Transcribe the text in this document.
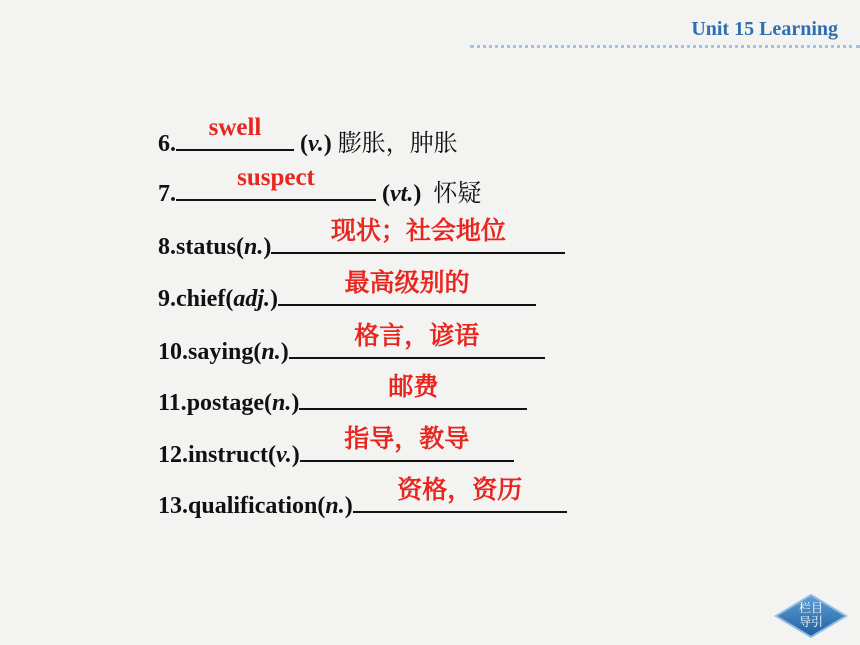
Unit 15 Learning
6.
swell
(v.) 膨胀，肿胀
7.
suspect
(vt.)  怀疑
8.status(n.)
现状；社会地位
9.chief(adj.)
最高级别的
10.saying(n.)
格言，谚语
11.postage(n.)
邮费
12.instruct(v.)
指导，教导
13.qualification(n.)
资格，资历
栏目
导引
